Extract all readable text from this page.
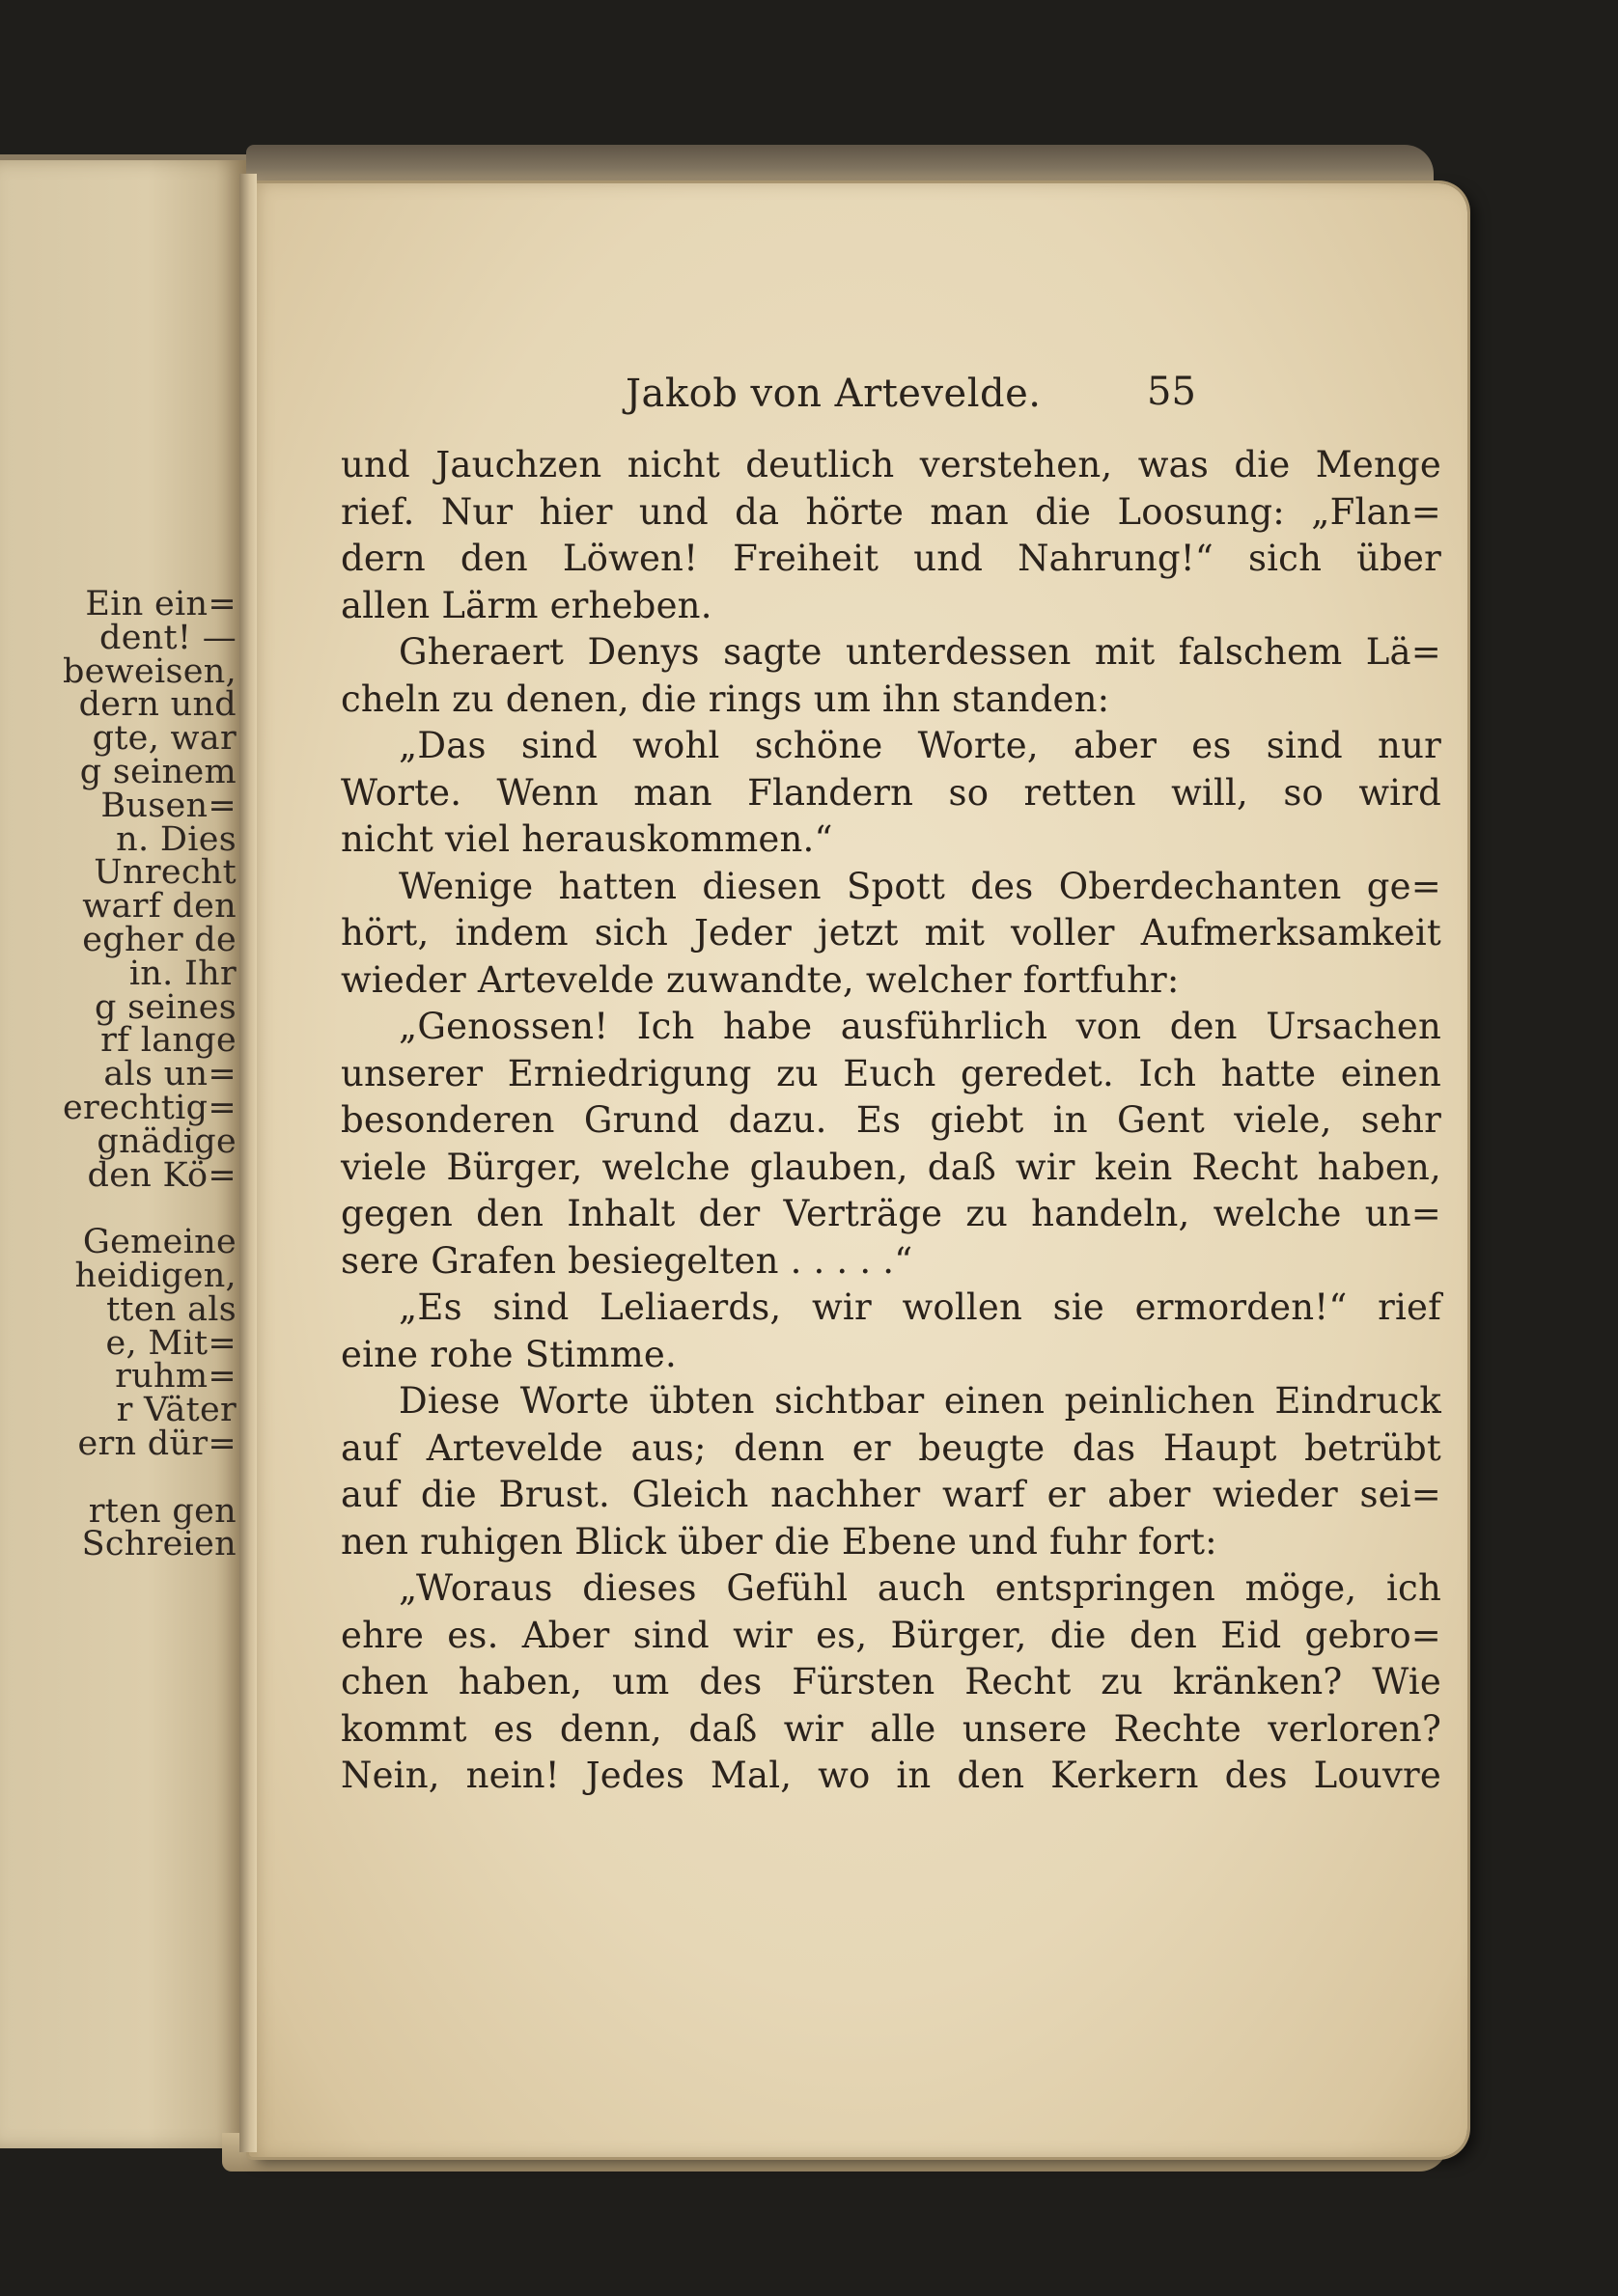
Ein ein=
dent! —
beweisen,
dern und
gte, war
g seinem
Busen=
n. Dies
Unrecht
warf den
egher de
in. Ihr
g seines
rf lange
als un=
erechtig=
gnädige
den Kö=
Gemeine
heidigen,
tten als
e, Mit=
ruhm=
r Väter
ern dür=
rten gen
Schreien
Jakob von Artevelde.	55
und Jauchzen nicht deutlich verstehen, was die Menge
rief. Nur hier und da hörte man die Loosung: „Flan=
dern den Löwen! Freiheit und Nahrung!“ sich über
allen Lärm erheben.
Gheraert Denys sagte unterdessen mit falschem Lä=
cheln zu denen, die rings um ihn standen:
„Das sind wohl schöne Worte, aber es sind nur
Worte. Wenn man Flandern so retten will, so wird
nicht viel herauskommen.“
Wenige hatten diesen Spott des Oberdechanten ge=
hört, indem sich Jeder jetzt mit voller Aufmerksamkeit
wieder Artevelde zuwandte, welcher fortfuhr:
„Genossen! Ich habe ausführlich von den Ursachen
unserer Erniedrigung zu Euch geredet. Ich hatte einen
besonderen Grund dazu. Es giebt in Gent viele, sehr
viele Bürger, welche glauben, daß wir kein Recht haben,
gegen den Inhalt der Verträge zu handeln, welche un=
sere Grafen besiegelten . . . . .“
„Es sind Leliaerds, wir wollen sie ermorden!“ rief
eine rohe Stimme.
Diese Worte übten sichtbar einen peinlichen Eindruck
auf Artevelde aus; denn er beugte das Haupt betrübt
auf die Brust. Gleich nachher warf er aber wieder sei=
nen ruhigen Blick über die Ebene und fuhr fort:
„Woraus dieses Gefühl auch entspringen möge, ich
ehre es. Aber sind wir es, Bürger, die den Eid gebro=
chen haben, um des Fürsten Recht zu kränken? Wie
kommt es denn, daß wir alle unsere Rechte verloren?
Nein, nein! Jedes Mal, wo in den Kerkern des Louvre
